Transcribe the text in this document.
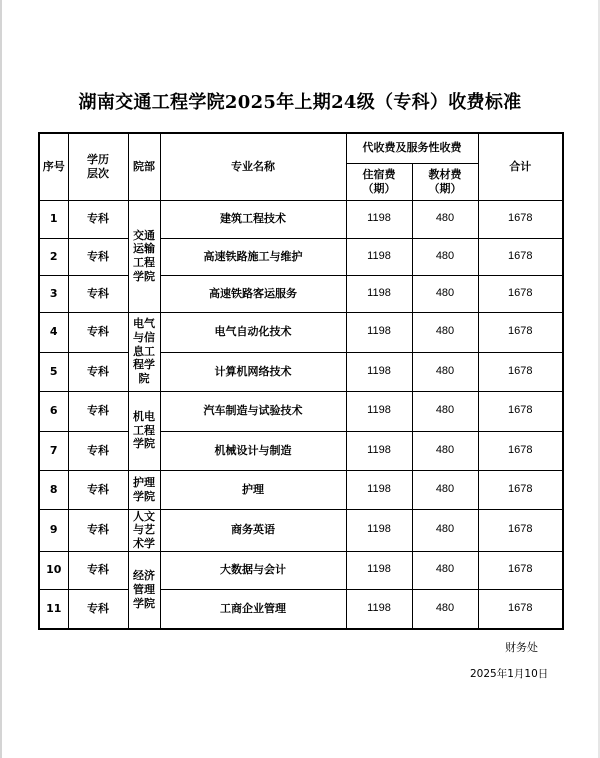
湖南交通工程学院2025年上期24级（专科）收费标准
序号	学历层次	院部	专业名称	代收费及服务性收费		合计
				住宿费（期）	教材费（期）	
1	专科	交通运输工程学院	建筑工程技术	1198	480	1678
2	专科		高速铁路施工与维护	1198	480	1678
3	专科		高速铁路客运服务	1198	480	1678
4	专科	电气与信息工程学院	电气自动化技术	1198	480	1678
5	专科		计算机网络技术	1198	480	1678
6	专科	机电工程学院	汽车制造与试验技术	1198	480	1678
7	专科		机械设计与制造	1198	480	1678
8	专科	护理学院	护理	1198	480	1678
9	专科	人文与艺术学	商务英语	1198	480	1678
10	专科	经济管理学院	大数据与会计	1198	480	1678
11	专科		工商企业管理	1198	480	1678
财务处
2025年1月10日
